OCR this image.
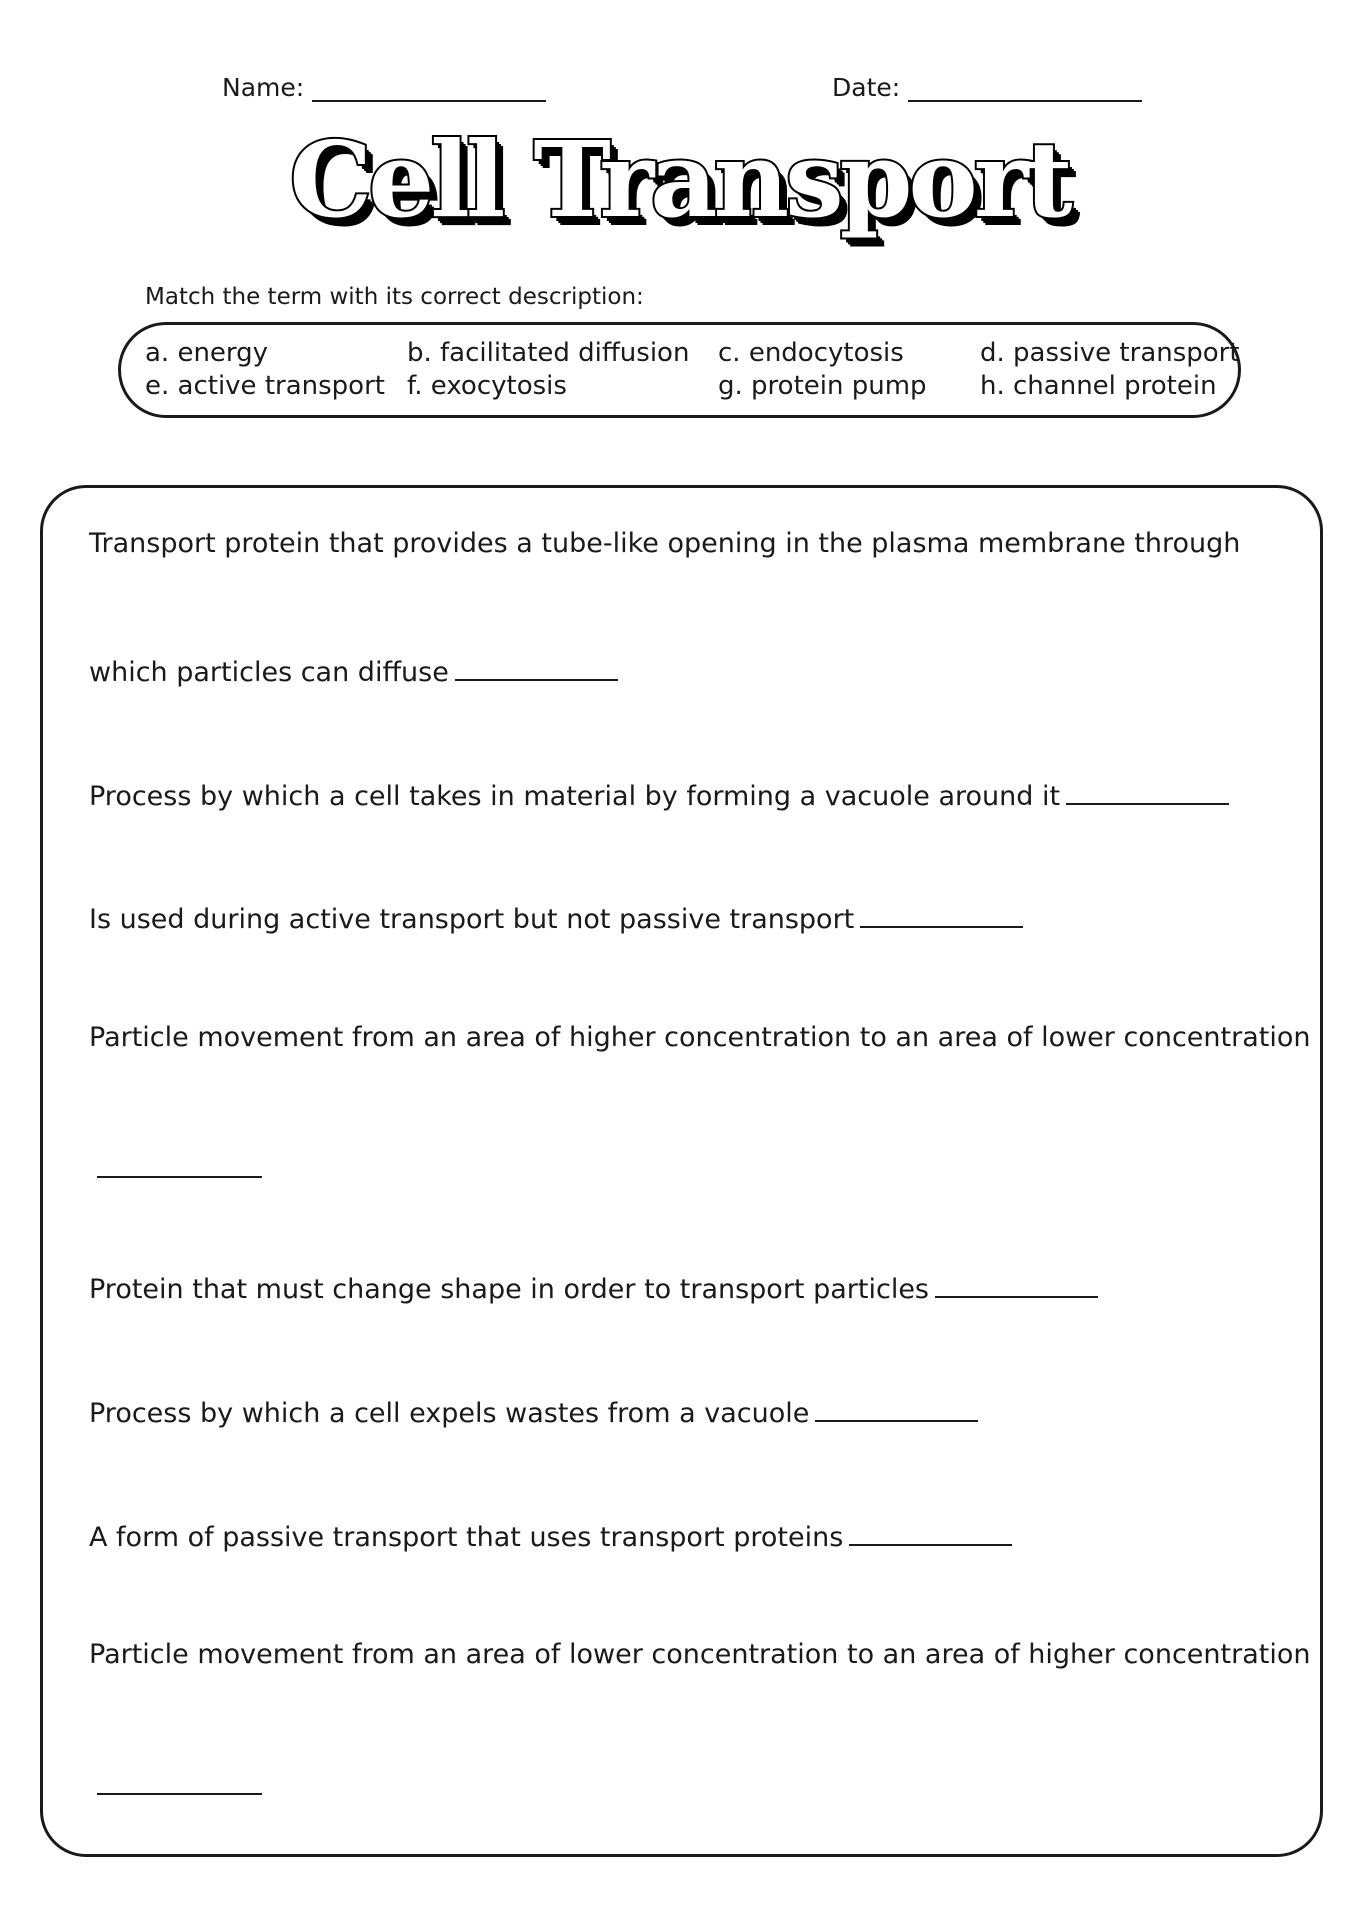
Name:	Date:
Cell Transport
Match the term with its correct description:
a. energy	b. facilitated diffusion c. endocytosis	d. passive transport
e. active transport f. exocytosis	g. protein pump h. channel protein
Transport protein that provides a tube-like opening in the plasma membrane through
which particles can diffuse
Process by which a cell takes in material by forming a vacuole around it
Is used during active transport but not passive transport
Particle movement from an area of higher concentration to an area of lower concentration
Protein that must change shape in order to transport particles
Process by which a cell expels wastes from a vacuole
A form of passive transport that uses transport proteins
Particle movement from an area of lower concentration to an area of higher concentration
